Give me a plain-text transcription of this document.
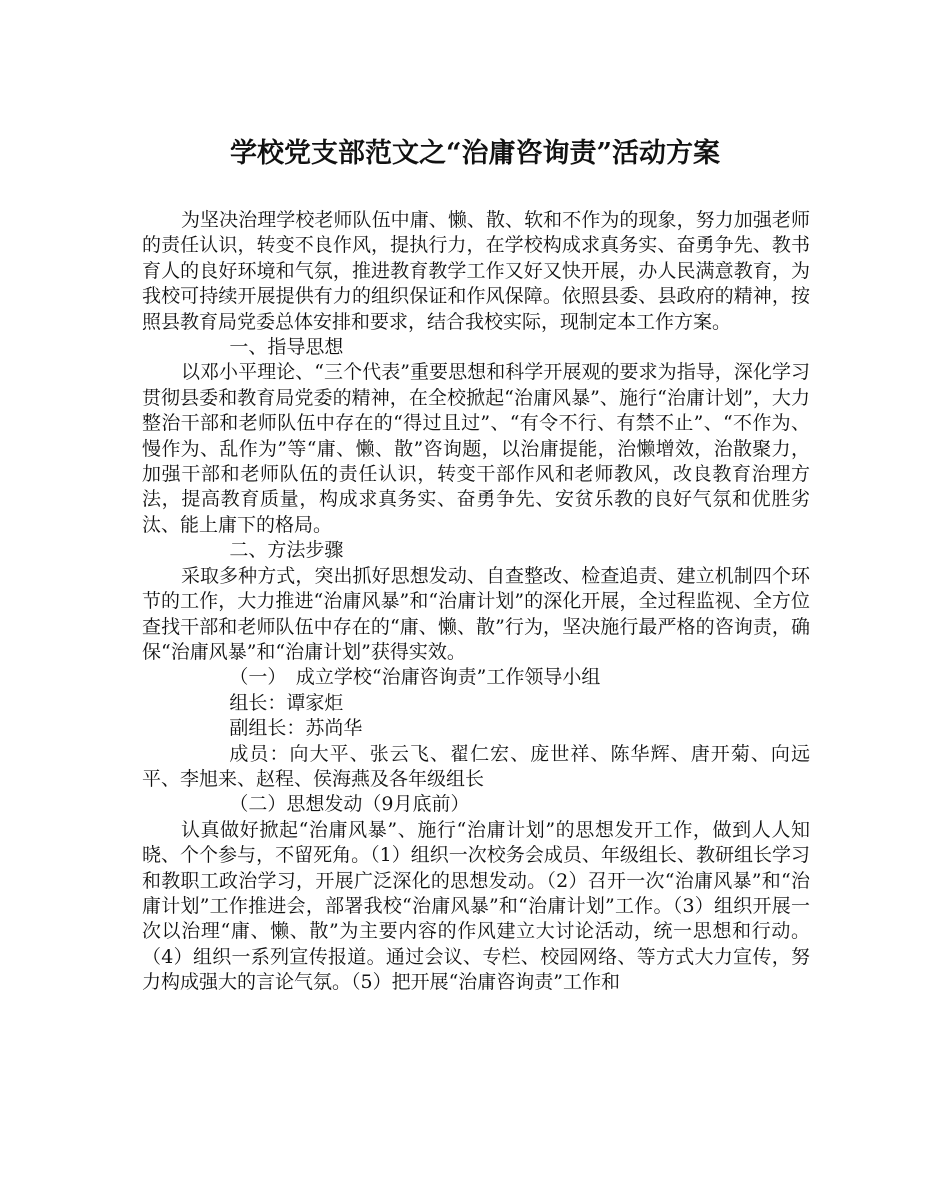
学校党支部范文之“治庸咨询责”活动方案

为坚决治理学校老师队伍中庸、懒、散、软和不作为的现象，努力加强老师的责任认识，转变不良作风，提执行力，在学校构成求真务实、奋勇争先、教书育人的良好环境和气氛，推进教育教学工作又好又快开展，办人民满意教育，为我校可持续开展提供有力的组织保证和作风保障。依照县委、县政府的精神，按照县教育局党委总体安排和要求，结合我校实际，现制定本工作方案。

一、指导思想

以邓小平理论、“三个代表”重要思想和科学开展观的要求为指导，深化学习贯彻县委和教育局党委的精神，在全校掀起“治庸风暴”、施行“治庸计划”，大力整治干部和老师队伍中存在的“得过且过”、“有令不行、有禁不止”、“不作为、慢作为、乱作为”等“庸、懒、散”咨询题，以治庸提能，治懒增效，治散聚力，加强干部和老师队伍的责任认识，转变干部作风和老师教风，改良教育治理方法，提高教育质量，构成求真务实、奋勇争先、安贫乐教的良好气氛和优胜劣汰、能上庸下的格局。

二、方法步骤

采取多种方式，突出抓好思想发动、自查整改、检查追责、建立机制四个环节的工作，大力推进“治庸风暴”和“治庸计划”的深化开展，全过程监视、全方位查找干部和老师队伍中存在的“庸、懒、散”行为，坚决施行最严格的咨询责，确保“治庸风暴”和“治庸计划”获得实效。

（一）　成立学校“治庸咨询责”工作领导小组

组长：谭家炬

副组长：苏尚华

成员：向大平、张云飞、翟仁宏、庞世祥、陈华辉、唐开菊、向远平、李旭来、赵程、侯海燕及各年级组长

（二）思想发动（9月底前）

认真做好掀起“治庸风暴”、施行“治庸计划”的思想发开工作，做到人人知晓、个个参与，不留死角。（1）组织一次校务会成员、年级组长、教研组长学习和教职工政治学习，开展广泛深化的思想发动。（2）召开一次“治庸风暴”和“治庸计划”工作推进会，部署我校“治庸风暴”和“治庸计划”工作。（3）组织开展一次以治理“庸、懒、散”为主要内容的作风建立大讨论活动，统一思想和行动。（4）组织一系列宣传报道。通过会议、专栏、校园网络、等方式大力宣传，努力构成强大的言论气氛。（5）把开展“治庸咨询责”工作和
